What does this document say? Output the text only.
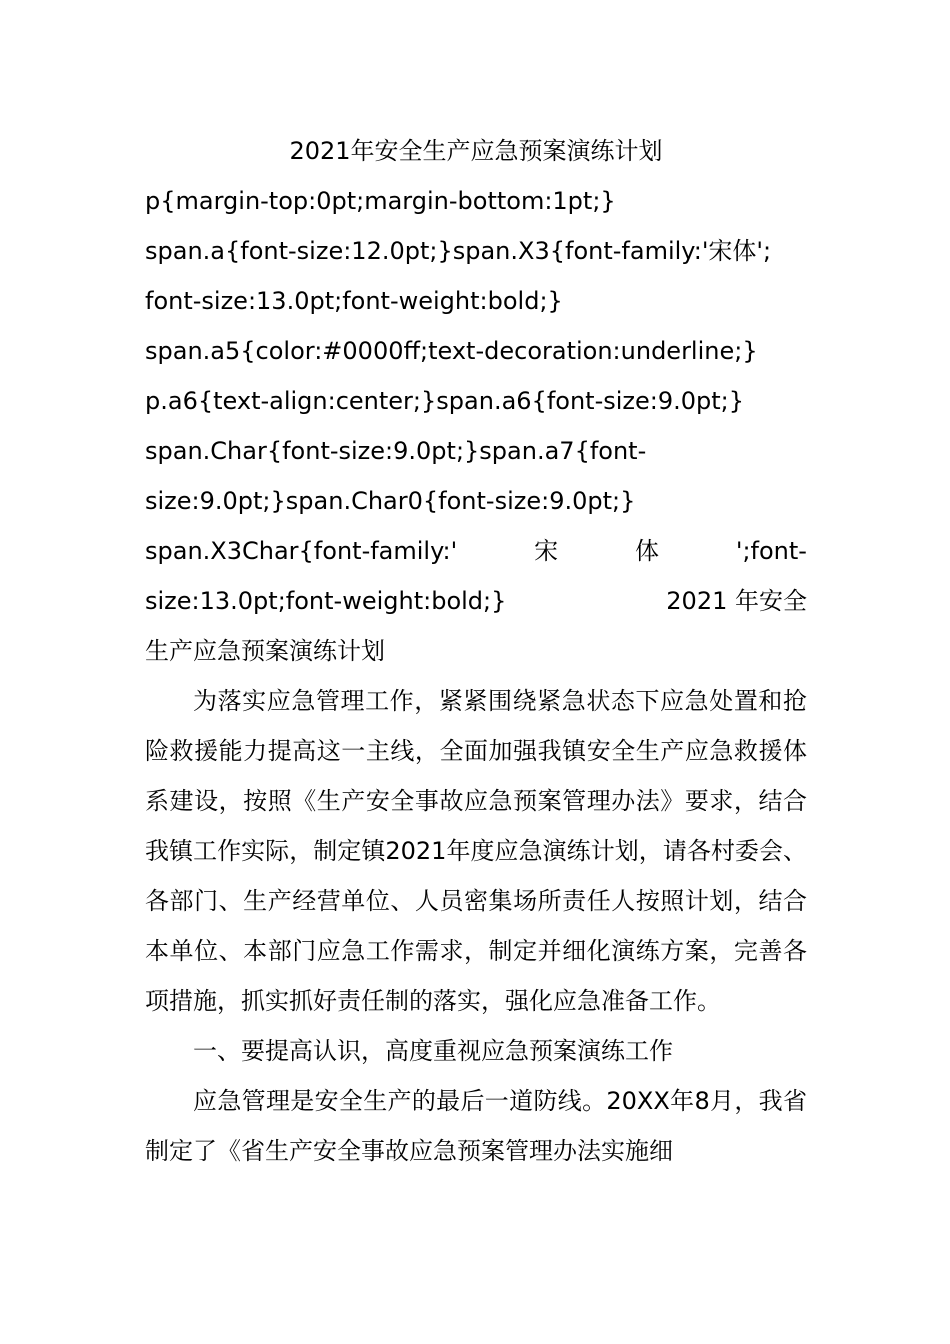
2021年安全生产应急预案演练计划

p{margin-top:0pt;margin-bottom:1pt;}

span.a{font-size:12.0pt;}span.X3{font-family:'宋体';

font-size:13.0pt;font-weight:bold;}

span.a5{color:#0000ff;text-decoration:underline;}

p.a6{text-align:center;}span.a6{font-size:9.0pt;}

span.Char{font-size:9.0pt;}span.a7{font-

size:9.0pt;}span.Char0{font-size:9.0pt;}

span.X3Char{font-family:'	宋	体	';font-
size:13.0pt;font-weight:bold;}	2021 年安全

生产应急预案演练计划

为落实应急管理工作，紧紧围绕紧急状态下应急处置和抢险救援能力提高这一主线，全面加强我镇安全生产应急救援体系建设，按照《生产安全事故应急预案管理办法》要求，结合我镇工作实际，制定镇2021年度应急演练计划，请各村委会、各部门、生产经营单位、人员密集场所责任人按照计划，结合本单位、本部门应急工作需求，制定并细化演练方案，完善各项措施，抓实抓好责任制的落实，强化应急准备工作。

一、要提高认识，高度重视应急预案演练工作

应急管理是安全生产的最后一道防线。20XX年8月，我省制定了《省生产安全事故应急预案管理办法实施细
